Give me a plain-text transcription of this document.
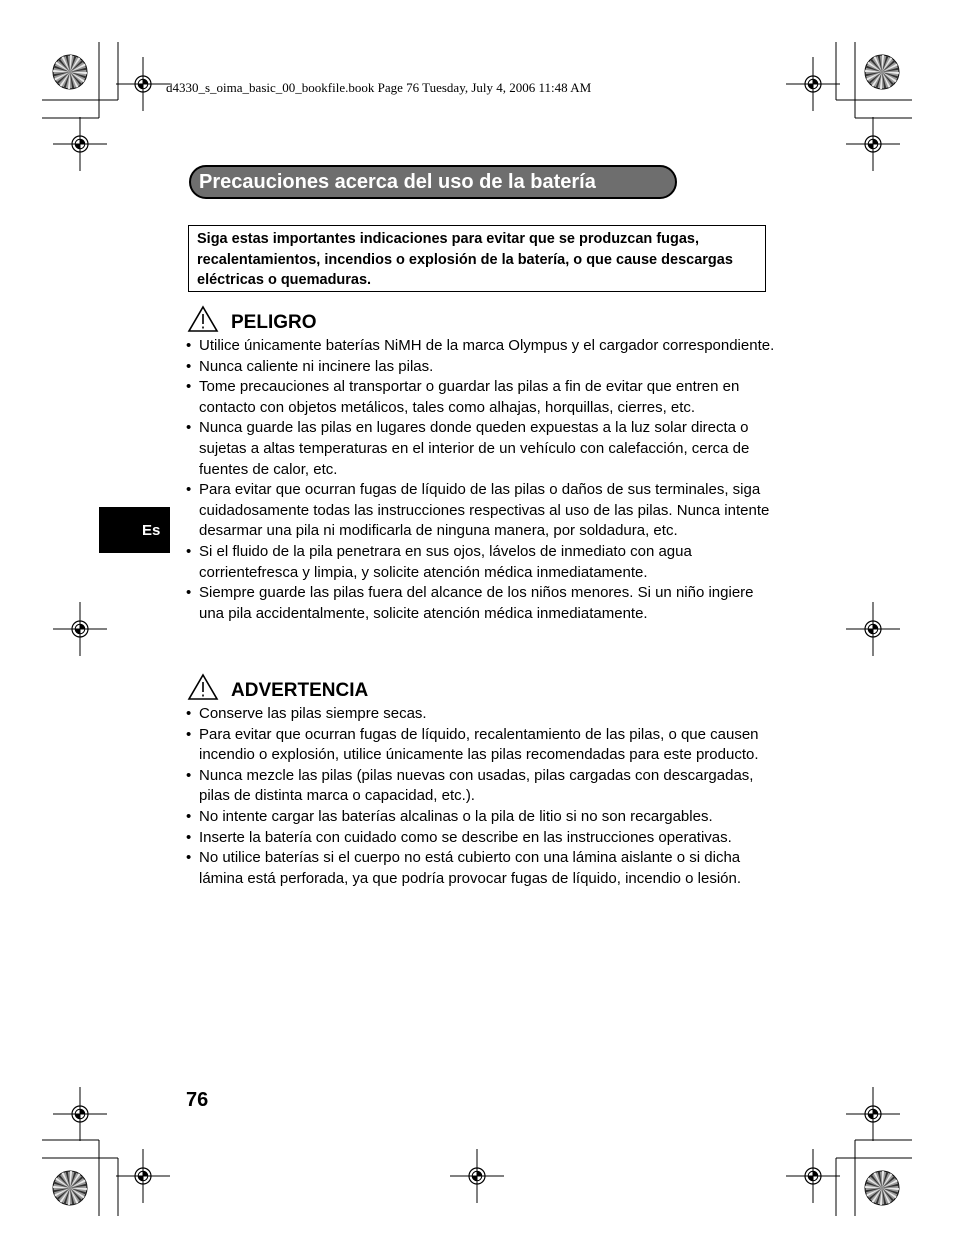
d4330_s_oima_basic_00_bookfile.book Page 76 Tuesday, July 4, 2006 11:48 AM
Precauciones acerca del uso de la batería
Siga estas importantes indicaciones para evitar que se produzcan fugas, recalentamientos, incendios o explosión de la batería, o que cause descargas eléctricas o quemaduras.
PELIGRO
• Utilice únicamente baterías NiMH de la marca Olympus y el cargador correspondiente.
• Nunca caliente ni incinere las pilas.
• Tome precauciones al transportar o guardar las pilas a fin de evitar que entren en contacto con objetos metálicos, tales como alhajas, horquillas, cierres, etc.
• Nunca guarde las pilas en lugares donde queden expuestas a la luz solar directa o sujetas a altas temperaturas en el interior de un vehículo con calefacción, cerca de fuentes de calor, etc.
• Para evitar que ocurran fugas de líquido de las pilas o daños de sus terminales, siga cuidadosamente todas las instrucciones respectivas al uso de las pilas. Nunca intente desarmar una pila ni modificarla de ninguna manera, por soldadura, etc.
• Si el fluido de la pila penetrara en sus ojos, lávelos de inmediato con agua corrientefresca y limpia, y solicite atención médica inmediatamente.
• Siempre guarde las pilas fuera del alcance de los niños menores. Si un niño ingiere una pila accidentalmente, solicite atención médica inmediatamente.
ADVERTENCIA
• Conserve las pilas siempre secas.
• Para evitar que ocurran fugas de líquido, recalentamiento de las pilas, o que causen incendio o explosión, utilice únicamente las pilas recomendadas para este producto.
• Nunca mezcle las pilas (pilas nuevas con usadas, pilas cargadas con descargadas, pilas de distinta marca o capacidad, etc.).
• No intente cargar las baterías alcalinas o la pila de litio si no son recargables.
• Inserte la batería con cuidado como se describe en las instrucciones operativas.
• No utilice baterías si el cuerpo no está cubierto con una lámina aislante o si dicha lámina está perforada, ya que podría provocar fugas de líquido, incendio o lesión.
Es
76
